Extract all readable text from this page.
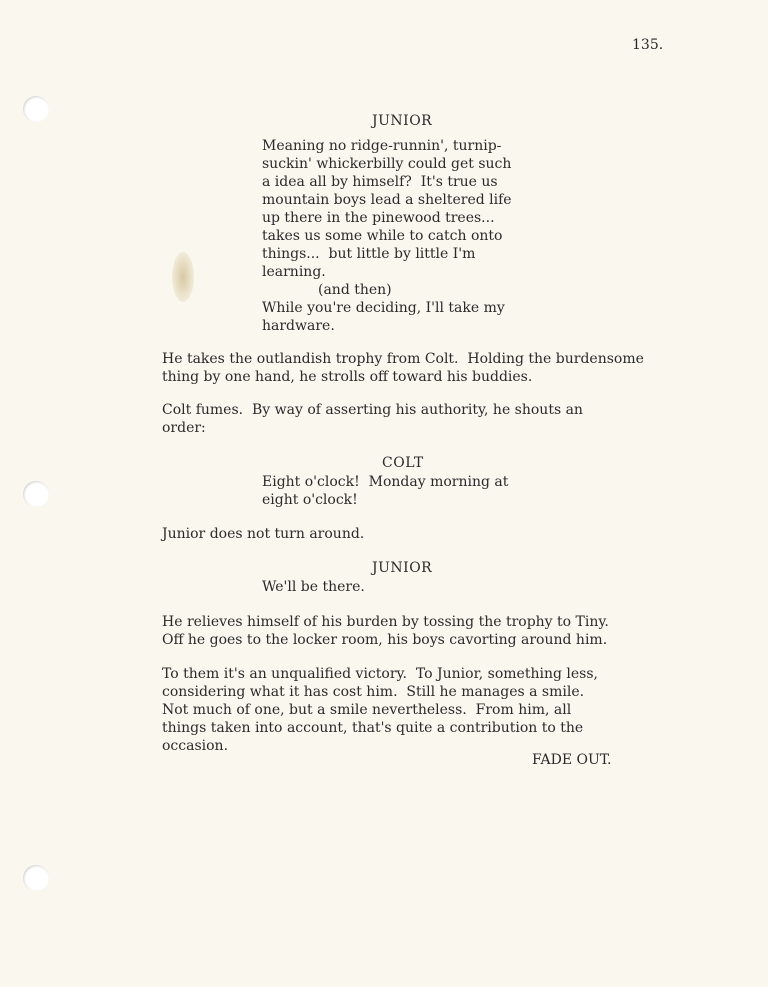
135.

JUNIOR

Meaning no ridge-runnin', turnip-

suckin' whickerbilly could get such

a idea all by himself?  It's true us

mountain boys lead a sheltered life

up there in the pinewood trees...

takes us some while to catch onto

things...  but little by little I'm

learning.

(and then)

While you're deciding, I'll take my

hardware.

He takes the outlandish trophy from Colt.  Holding the burdensome

thing by one hand, he strolls off toward his buddies.

Colt fumes.  By way of asserting his authority, he shouts an

order:

COLT

Eight o'clock!  Monday morning at

eight o'clock!

Junior does not turn around.

JUNIOR

We'll be there.

He relieves himself of his burden by tossing the trophy to Tiny.

Off he goes to the locker room, his boys cavorting around him.

To them it's an unqualified victory.  To Junior, something less,

considering what it has cost him.  Still he manages a smile.

Not much of one, but a smile nevertheless.  From him, all

things taken into account, that's quite a contribution to the

occasion.

FADE OUT.
